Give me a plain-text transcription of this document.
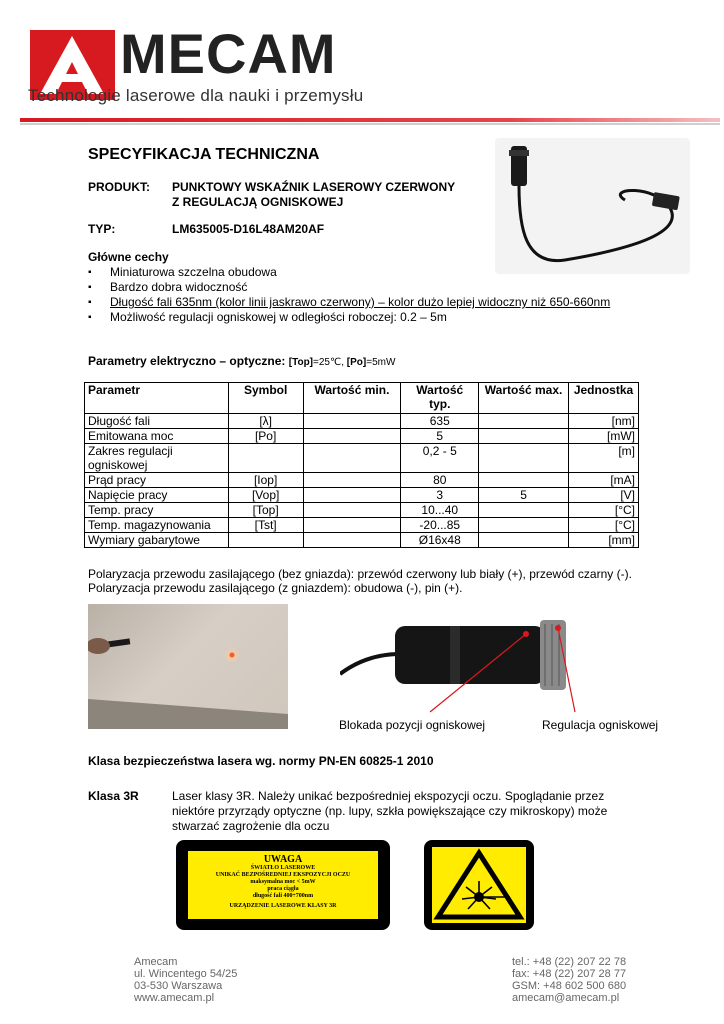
MECAM
Technologie laserowe dla nauki i przemysłu
SPECYFIKACJA TECHNICZNA
PRODUKT: PUNKTOWY WSKAŹNIK LASEROWY CZERWONY
Z REGULACJĄ OGNISKOWEJ
TYP:	LM635005-D16L48AM20AF
Główne cechy
▪ Miniaturowa szczelna obudowa
▪ Bardzo dobra widoczność
▪ Długość fali 635nm (kolor linii jaskrawo czerwony) – kolor dużo lepiej widoczny niż 650-660nm
▪ Możliwość regulacji ogniskowej w odległości roboczej: 0.2 – 5m
Parametry elektryczno – optyczne: [Top]=25℃, [Po]=5mW
Parametr	Symbol	Wartość min.	Wartość typ.	Wartość max.	Jednostka
Długość fali	[λ]		635		[nm]
Emitowana moc	[Po]		5		[mW]
Zakres regulacji ogniskowej			0,2 - 5		[m]
Prąd pracy	[Iop]		80		[mA]
Napięcie pracy	[Vop]		3	5	[V]
Temp. pracy	[Top]		10...40		[°C]
Temp. magazynowania	[Tst]		-20...85		[°C]
Wymiary gabarytowe			Ø16x48		[mm]
Polaryzacja przewodu zasilającego (bez gniazda): przewód czerwony lub biały (+), przewód czarny (-).
Polaryzacja przewodu zasilającego (z gniazdem): obudowa (-), pin (+).
Blokada pozycji ogniskowej	Regulacja ogniskowej
Klasa bezpieczeństwa lasera wg. normy PN-EN 60825-1 2010
Klasa 3R	Laser klasy 3R. Należy unikać bezpośredniej ekspozycji oczu. Spoglądanie przez
niektóre przyrządy optyczne (np. lupy, szkła powiększające czy mikroskopy) może
stwarzać zagrożenie dla oczu
UWAGA
ŚWIATŁO LASEROWE
UNIKAĆ BEZPOŚREDNIEJ EKSPOZYCJI OCZU
maksymalna moc < 5mW
praca ciągła
długość fali 400÷700nm
URZĄDZENIE LASEROWE KLASY 3R
Amecam
ul. Wincentego 54/25
03-530 Warszawa
www.amecam.pl
tel.: +48 (22) 207 22 78
fax: +48 (22) 207 28 77
GSM: +48 602 500 680
amecam@amecam.pl
